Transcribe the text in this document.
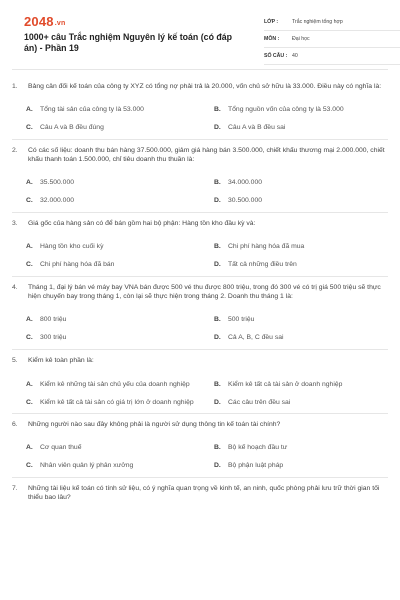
2048.vn
1000+ câu Trắc nghiệm Nguyên lý kế toán (có đáp án) - Phần 19
LỚP :	Trắc nghiệm tổng hợp
MÔN :	Đại học
SỐ CÂU : 40
1.	Bảng cân đối kế toán của công ty XYZ có tổng nợ phải trả là 20.000, vốn chủ sở hữu là 33.000. Điều này có nghĩa là:
A.	Tổng tài sản của công ty là 53.000	B.	Tổng nguồn vốn của công ty là 53.000
C.	Câu A và B đều đúng	D.	Câu A và B đều sai
2.	Có các số liệu: doanh thu bán hàng 37.500.000, giảm giá hàng bán 3.500.000, chiết khấu thương mại 2.000.000, chiết khấu thanh toán 1.500.000, chỉ tiêu doanh thu thuần là:
A.	35.500.000	B.	34.000.000
C.	32.000.000	D.	30.500.000
3.	Giá gốc của hàng sản có để bán gồm hai bộ phận: Hàng tồn kho đầu kỳ và:
A.	Hàng tồn kho cuối kỳ	B.	Chi phí hàng hóa đã mua
C.	Chi phí hàng hóa đã bán	D.	Tất cả những điều trên
4.	Tháng 1, đại lý bán vé máy bay VNA bán được 500 vé thu được 800 triệu, trong đó 300 vé có trị giá 500 triệu sẽ thực hiện chuyến bay trong tháng 1, còn lại sẽ thực hiện trong tháng 2. Doanh thu tháng 1 là:
A.	800 triệu	B.	500 triệu
C.	300 triệu	D.	Cả A, B, C đều sai
5.	Kiểm kê toàn phần là:
A.	Kiểm kê những tài sản chủ yếu của doanh nghiệp	B.	Kiểm kê tất cả tài sản ở doanh nghiệp
C.	Kiểm kê tất cả tài sản có giá trị lớn ở doanh nghiệp	D.	Các câu trên đều sai
6.	Những người nào sau đây không phải là người sử dụng thông tin kế toán tài chính?
A.	Cơ quan thuế	B.	Bộ kế hoạch đầu tư
C.	Nhân viên quản lý phân xưởng	D.	Bộ phận luật pháp
7.	Những tài liệu kế toán có tính sử liệu, có ý nghĩa quan trọng về kinh tế, an ninh, quốc phòng phải lưu trữ thời gian tối thiểu bao lâu?
